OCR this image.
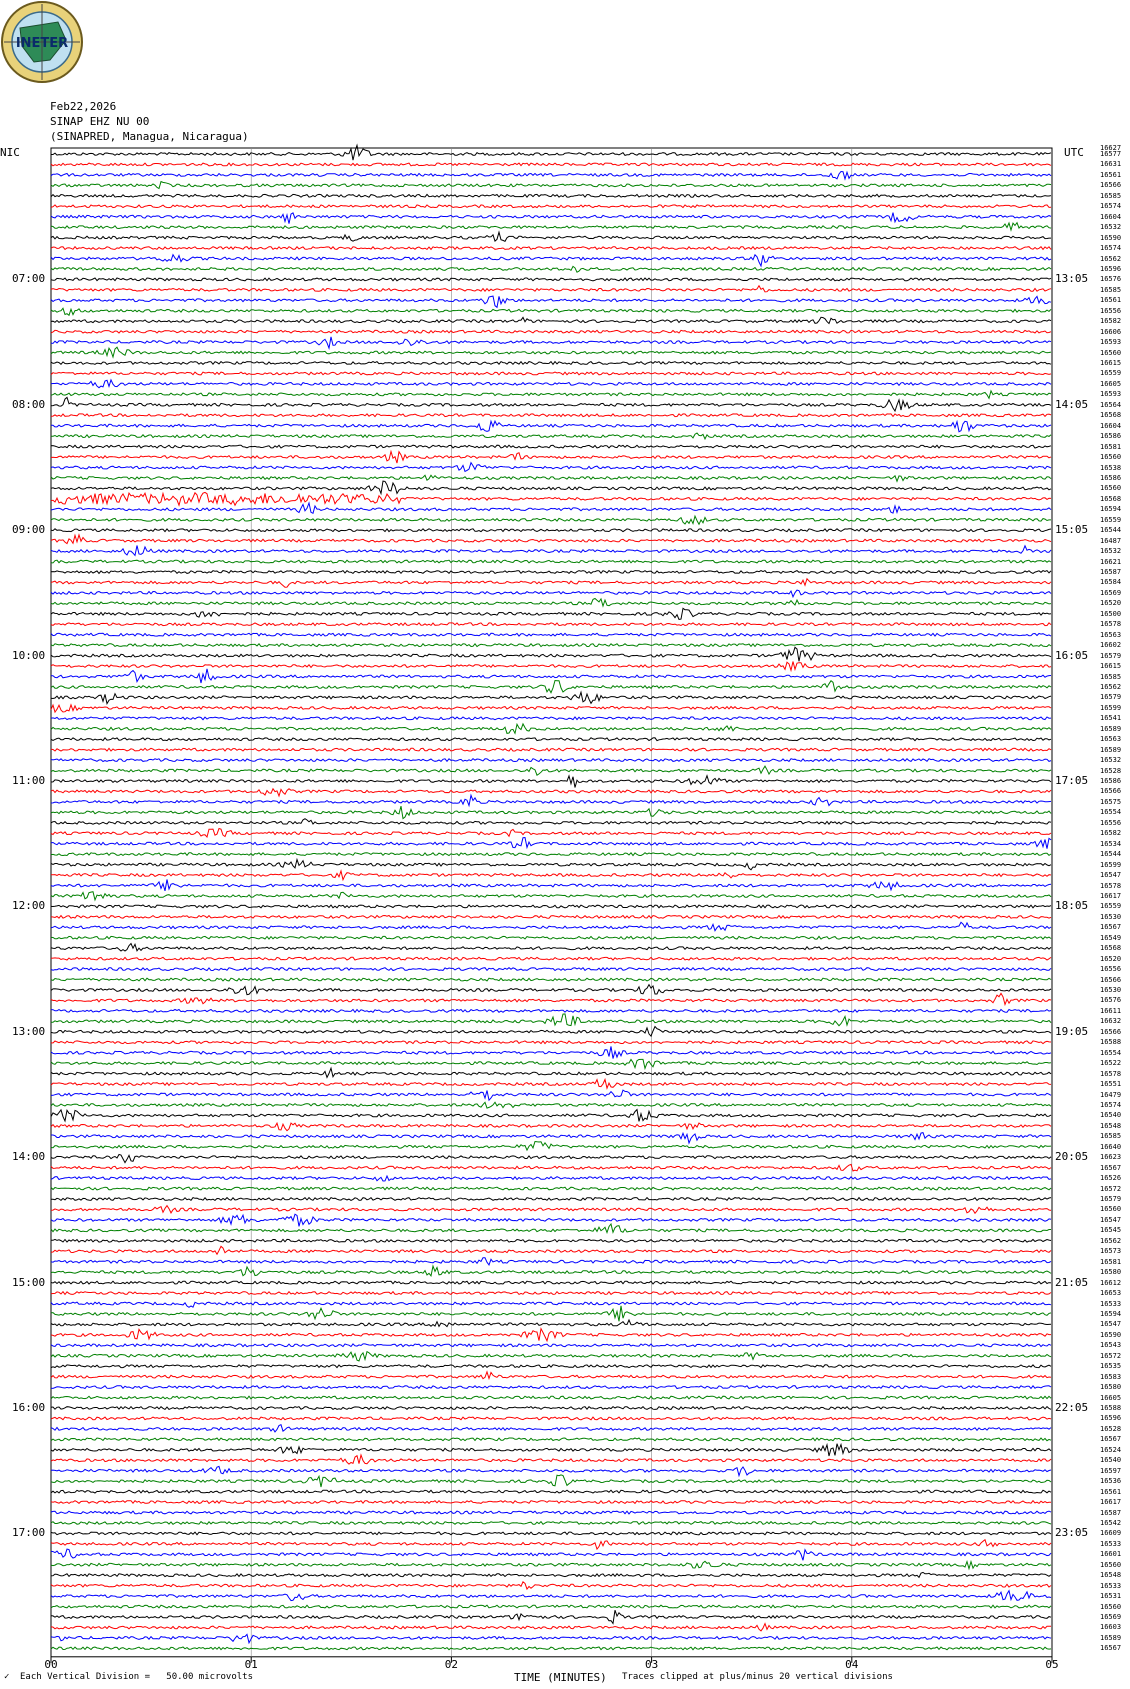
INETER
Feb22,2026
SINAP EHZ NU 00
(SINAPRED, Managua, Nicaragua)
NIC	UTC
07:00
08:00
09:00
10:00
11:00
12:00
13:00
14:00
15:00
16:00
17:00
13:05
14:05
15:05
16:05
17:05
18:05
19:05
20:05
21:05
22:05
23:05
16627
16577
16631
16561
16566
16585
16574
16604
16532
16590
16574
16562
16596
16576
16585
16561
16556
16582
16606
16593
16560
16615
16559
16605
16593
16564
16568
16604
16586
16581
16560
16538
16586
16560
16568
16594
16559
16544
16487
16532
16621
16587
16584
16569
16520
16500
16578
16563
16602
16579
16615
16585
16562
16579
16599
16541
16589
16563
16589
16532
16528
16586
16566
16575
16554
16556
16582
16534
16544
16599
16547
16578
16617
16559
16530
16567
16549
16568
16520
16556
16566
16530
16576
16611
16632
16566
16588
16554
16522
16578
16551
16479
16574
16540
16548
16585
16640
16623
16567
16526
16572
16579
16560
16547
16545
16562
16573
16581
16580
16612
16653
16533
16594
16547
16590
16543
16572
16535
16583
16580
16605
16588
16596
16528
16567
16524
16540
16597
16536
16561
16617
16587
16542
16609
16533
16601
16560
16548
16533
16531
16560
16569
16603
16589
16567
00	01	02	03	04	05
✓ Each Vertical Division =   50.00 microvolts	TIME (MINUTES) Traces clipped at plus/minus 20 vertical divisions
